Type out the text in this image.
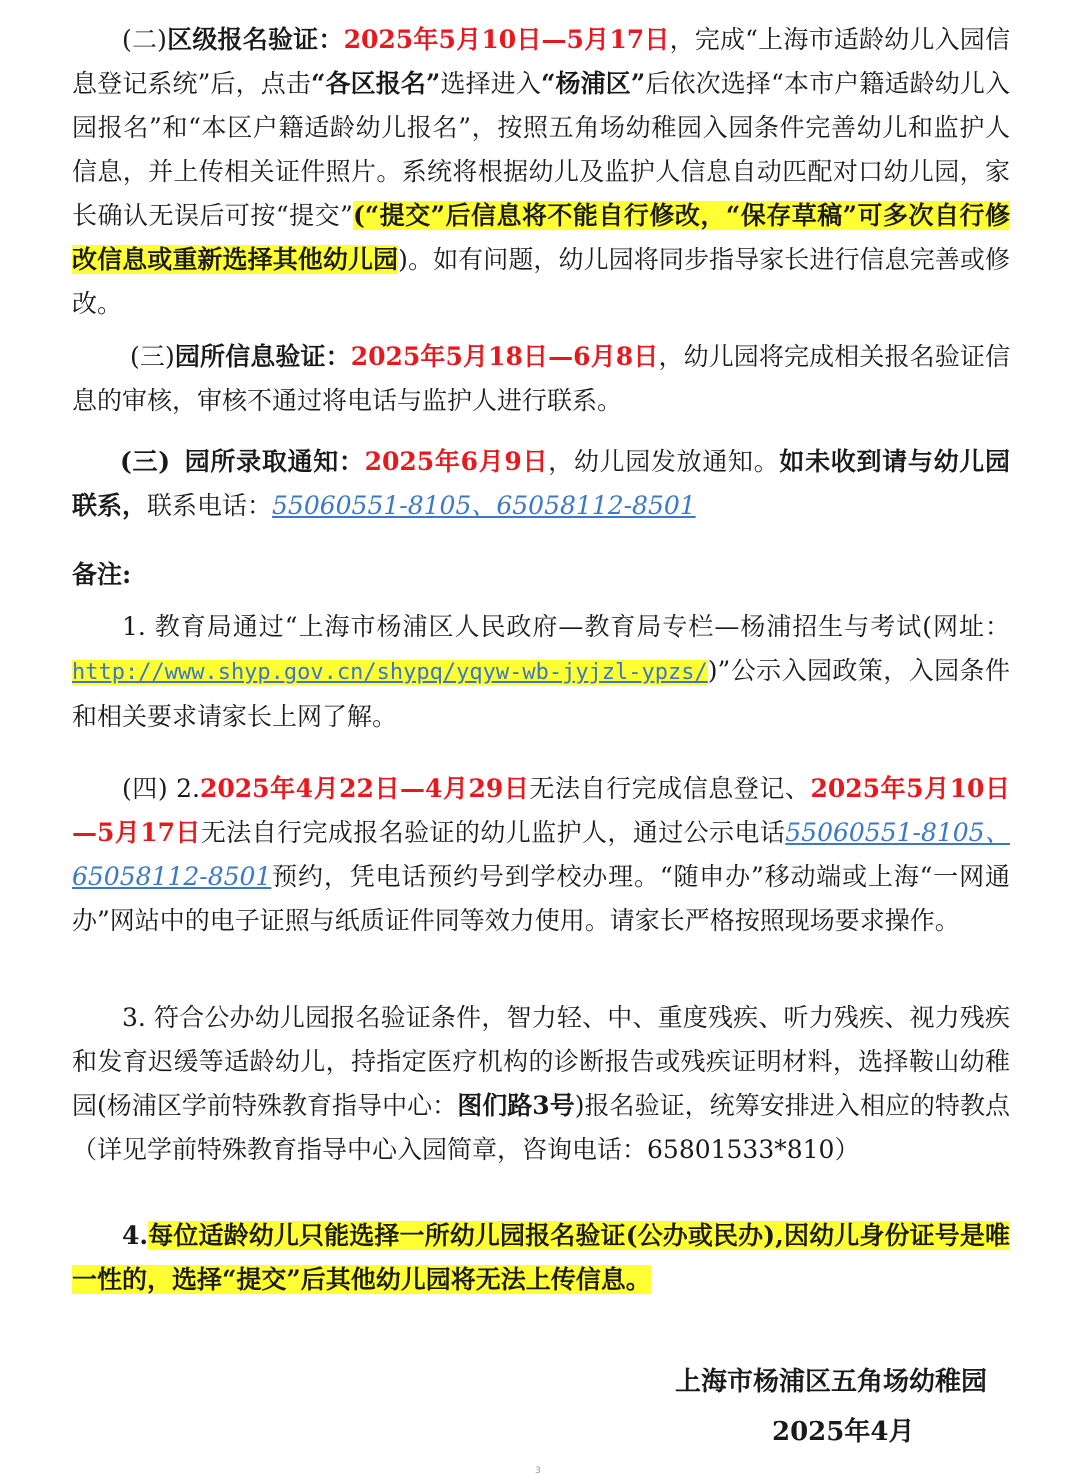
(二)区级报名验证：2025年5月10日—5月17日，完成“上海市适龄幼儿入园信息登记系统”后，点击“各区报名”选择进入“杨浦区”后依次选择“本市户籍适龄幼儿入园报名”和“本区户籍适龄幼儿报名”，按照五角场幼稚园入园条件完善幼儿和监护人信息，并上传相关证件照片。系统将根据幼儿及监护人信息自动匹配对口幼儿园，家长确认无误后可按“提交”(“提交”后信息将不能自行修改，“保存草稿”可多次自行修改信息或重新选择其他幼儿园)。如有问题，幼儿园将同步指导家长进行信息完善或修改。
(三)园所信息验证：2025年5月18日—6月8日，幼儿园将完成相关报名验证信息的审核，审核不通过将电话与监护人进行联系。
(三) 园所录取通知：2025年6月9日，幼儿园发放通知。如未收到请与幼儿园联系，联系电话：55060551-8105、65058112-8501
备注:
1. 教育局通过“上海市杨浦区人民政府—教育局专栏—杨浦招生与考试(网址：http://www.shyp.gov.cn/shypq/yqyw-wb-jyjzl-ypzs/)”公示入园政策，入园条件和相关要求请家长上网了解。
(四) 2.2025年4月22日—4月29日无法自行完成信息登记、2025年5月10日—5月17日无法自行完成报名验证的幼儿监护人，通过公示电话55060551-8105、65058112-8501预约，凭电话预约号到学校办理。“随申办”移动端或上海“一网通办”网站中的电子证照与纸质证件同等效力使用。请家长严格按照现场要求操作。
3. 符合公办幼儿园报名验证条件，智力轻、中、重度残疾、听力残疾、视力残疾和发育迟缓等适龄幼儿，持指定医疗机构的诊断报告或残疾证明材料，选择鞍山幼稚园(杨浦区学前特殊教育指导中心：图们路3号)报名验证，统筹安排进入相应的特教点（详见学前特殊教育指导中心入园简章，咨询电话：65801533*810）
4.每位适龄幼儿只能选择一所幼儿园报名验证(公办或民办),因幼儿身份证号是唯一性的，选择“提交”后其他幼儿园将无法上传信息。
上海市杨浦区五角场幼稚园
2025年4月
3
